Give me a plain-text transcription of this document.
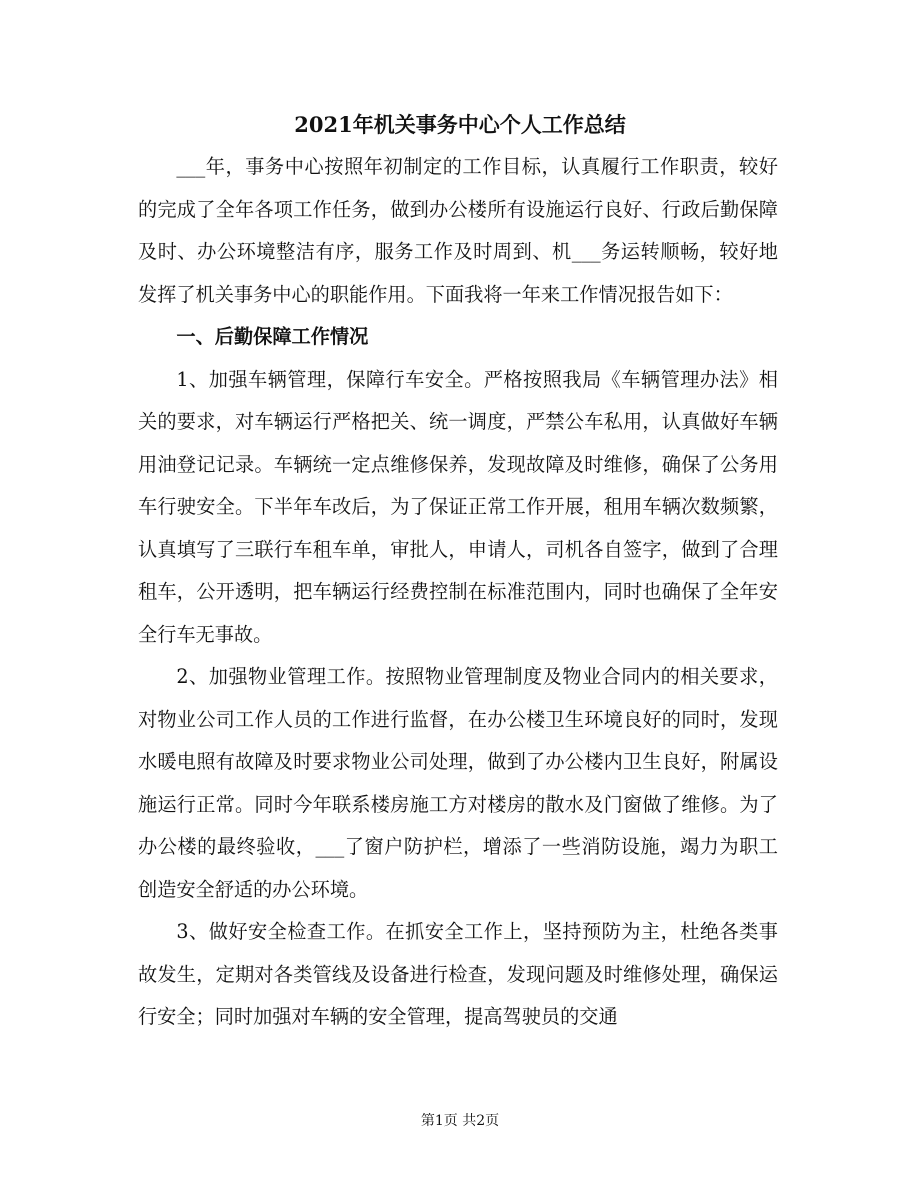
2021年机关事务中心个人工作总结

___年，事务中心按照年初制定的工作目标，认真履行工作职责，较好的完成了全年各项工作任务，做到办公楼所有设施运行良好、行政后勤保障及时、办公环境整洁有序，服务工作及时周到、机___务运转顺畅，较好地发挥了机关事务中心的职能作用。下面我将一年来工作情况报告如下：

一、后勤保障工作情况

1、加强车辆管理，保障行车安全。严格按照我局《车辆管理办法》相关的要求，对车辆运行严格把关、统一调度，严禁公车私用，认真做好车辆用油登记记录。车辆统一定点维修保养，发现故障及时维修，确保了公务用车行驶安全。下半年车改后，为了保证正常工作开展，租用车辆次数频繁，认真填写了三联行车租车单，审批人，申请人，司机各自签字，做到了合理租车，公开透明，把车辆运行经费控制在标准范围内，同时也确保了全年安全行车无事故。

2、加强物业管理工作。按照物业管理制度及物业合同内的相关要求，对物业公司工作人员的工作进行监督，在办公楼卫生环境良好的同时，发现水暖电照有故障及时要求物业公司处理，做到了办公楼内卫生良好，附属设施运行正常。同时今年联系楼房施工方对楼房的散水及门窗做了维修。为了办公楼的最终验收，___了窗户防护栏，增添了一些消防设施，竭力为职工创造安全舒适的办公环境。

3、做好安全检查工作。在抓安全工作上，坚持预防为主，杜绝各类事故发生，定期对各类管线及设备进行检查，发现问题及时维修处理，确保运行安全；同时加强对车辆的安全管理，提高驾驶员的交通

第1页 共2页
